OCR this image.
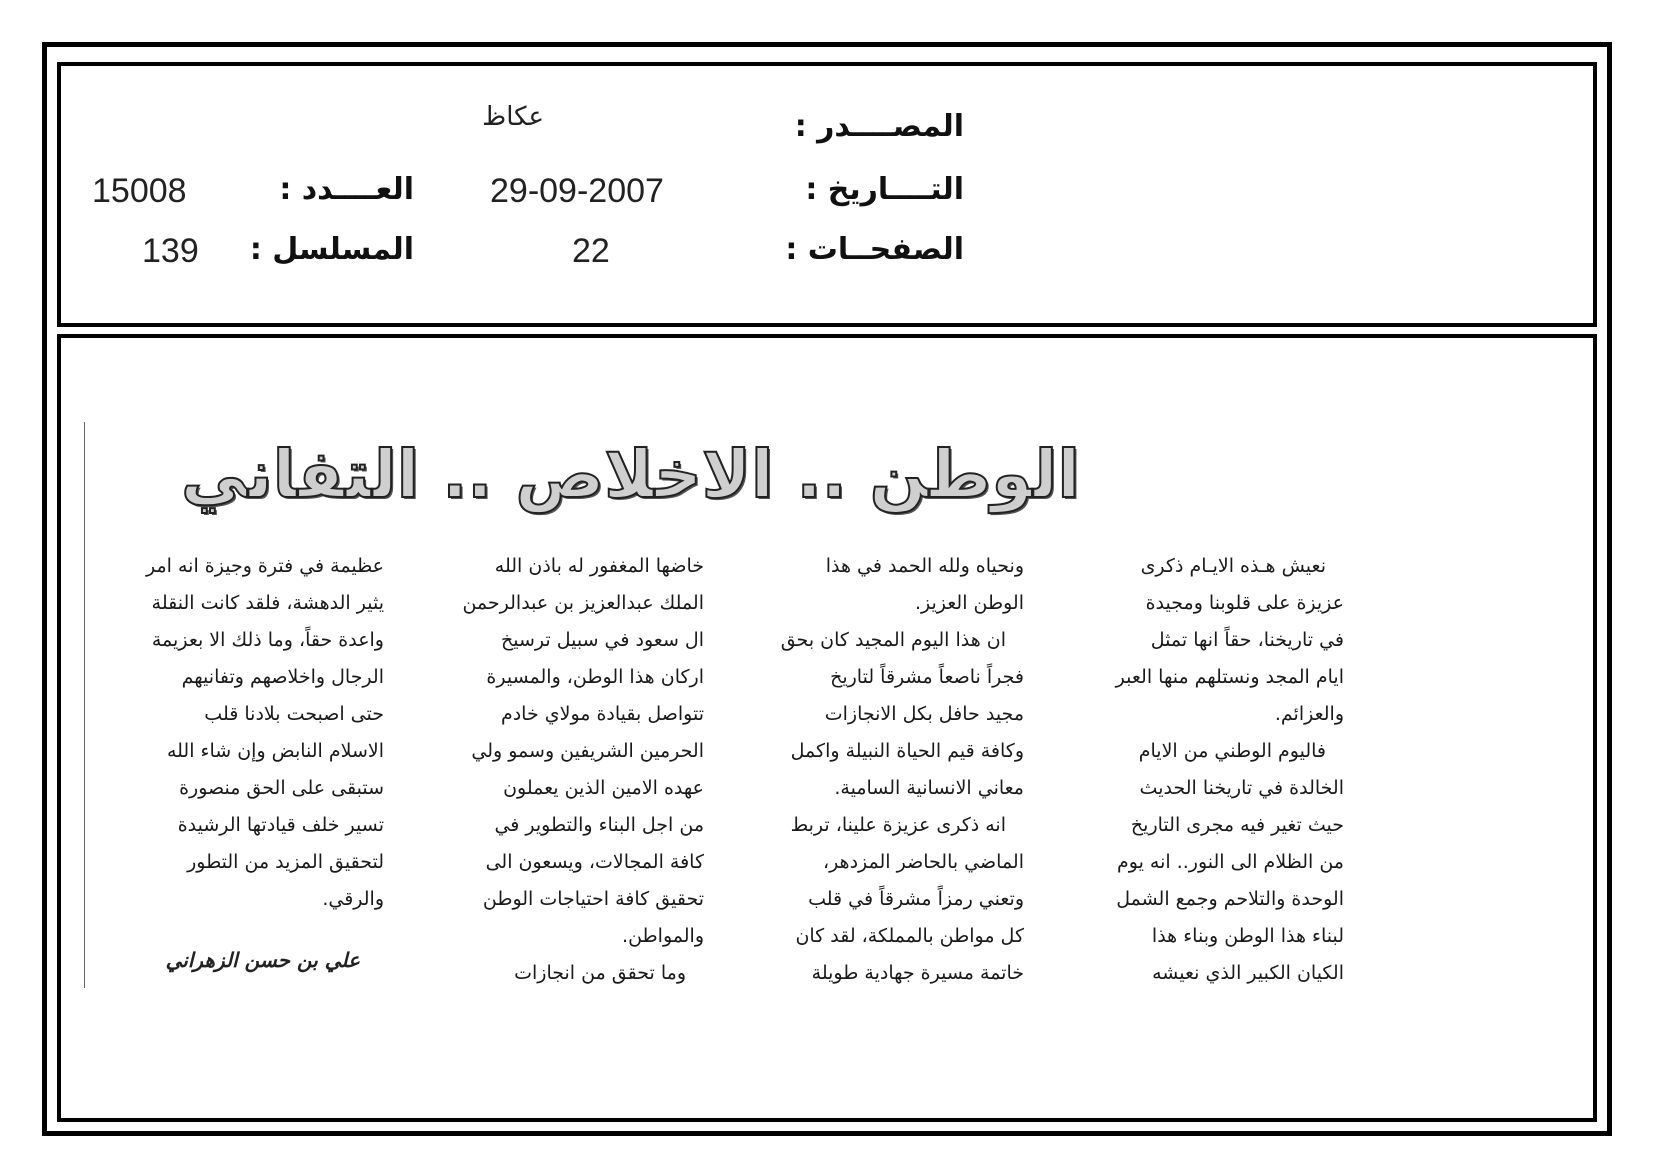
المصــــدر :
عكاظ
التــــاريخ :
29-09-2007
العــــدد :
15008
الصفحــات :
22
المسلسل :
139
الوطن .. الاخلاص .. التفاني
نعيش هـذه الايـام ذكرى
عزيزة على قلوبنا ومجيدة
في تاريخنا، حقاً انها تمثل
ايام المجد ونستلهم منها العبر
والعزائم.
فاليوم الوطني من الايام
الخالدة في تاريخنا الحديث
حيث تغير فيه مجرى التاريخ
من الظلام الى النور.. انه يوم
الوحدة والتلاحم وجمع الشمل
لبناء هذا الوطن وبناء هذا
الكيان الكبير الذي نعيشه
ونحياه ولله الحمد في هذا
الوطن العزيز.
ان هذا اليوم المجيد كان بحق
فجراً ناصعاً مشرقاً لتاريخ
مجيد حافل بكل الانجازات
وكافة قيم الحياة النبيلة واكمل
معاني الانسانية السامية.
انه ذكرى عزيزة علينا، تربط
الماضي بالحاضر المزدهر،
وتعني رمزاً مشرقاً في قلب
كل مواطن بالمملكة، لقد كان
خاتمة مسيرة جهادية طويلة
خاضها المغفور له باذن الله
الملك عبدالعزيز بن عبدالرحمن
ال سعود في سبيل ترسيخ
اركان هذا الوطن، والمسيرة
تتواصل بقيادة مولاي خادم
الحرمين الشريفين وسمو ولي
عهده الامين الذين يعملون
من اجل البناء والتطوير في
كافة المجالات، ويسعون الى
تحقيق كافة احتياجات الوطن
والمواطن.
وما تحقق من انجازات
عظيمة في فترة وجيزة انه امر
يثير الدهشة، فلقد كانت النقلة
واعدة حقاً، وما ذلك الا بعزيمة
الرجال واخلاصهم وتفانيهم
حتى اصبحت بلادنا قلب
الاسلام النابض وإن شاء الله
ستبقى على الحق منصورة
تسير خلف قيادتها الرشيدة
لتحقيق المزيد من التطور
والرقي.
علي بن حسن الزهراني
